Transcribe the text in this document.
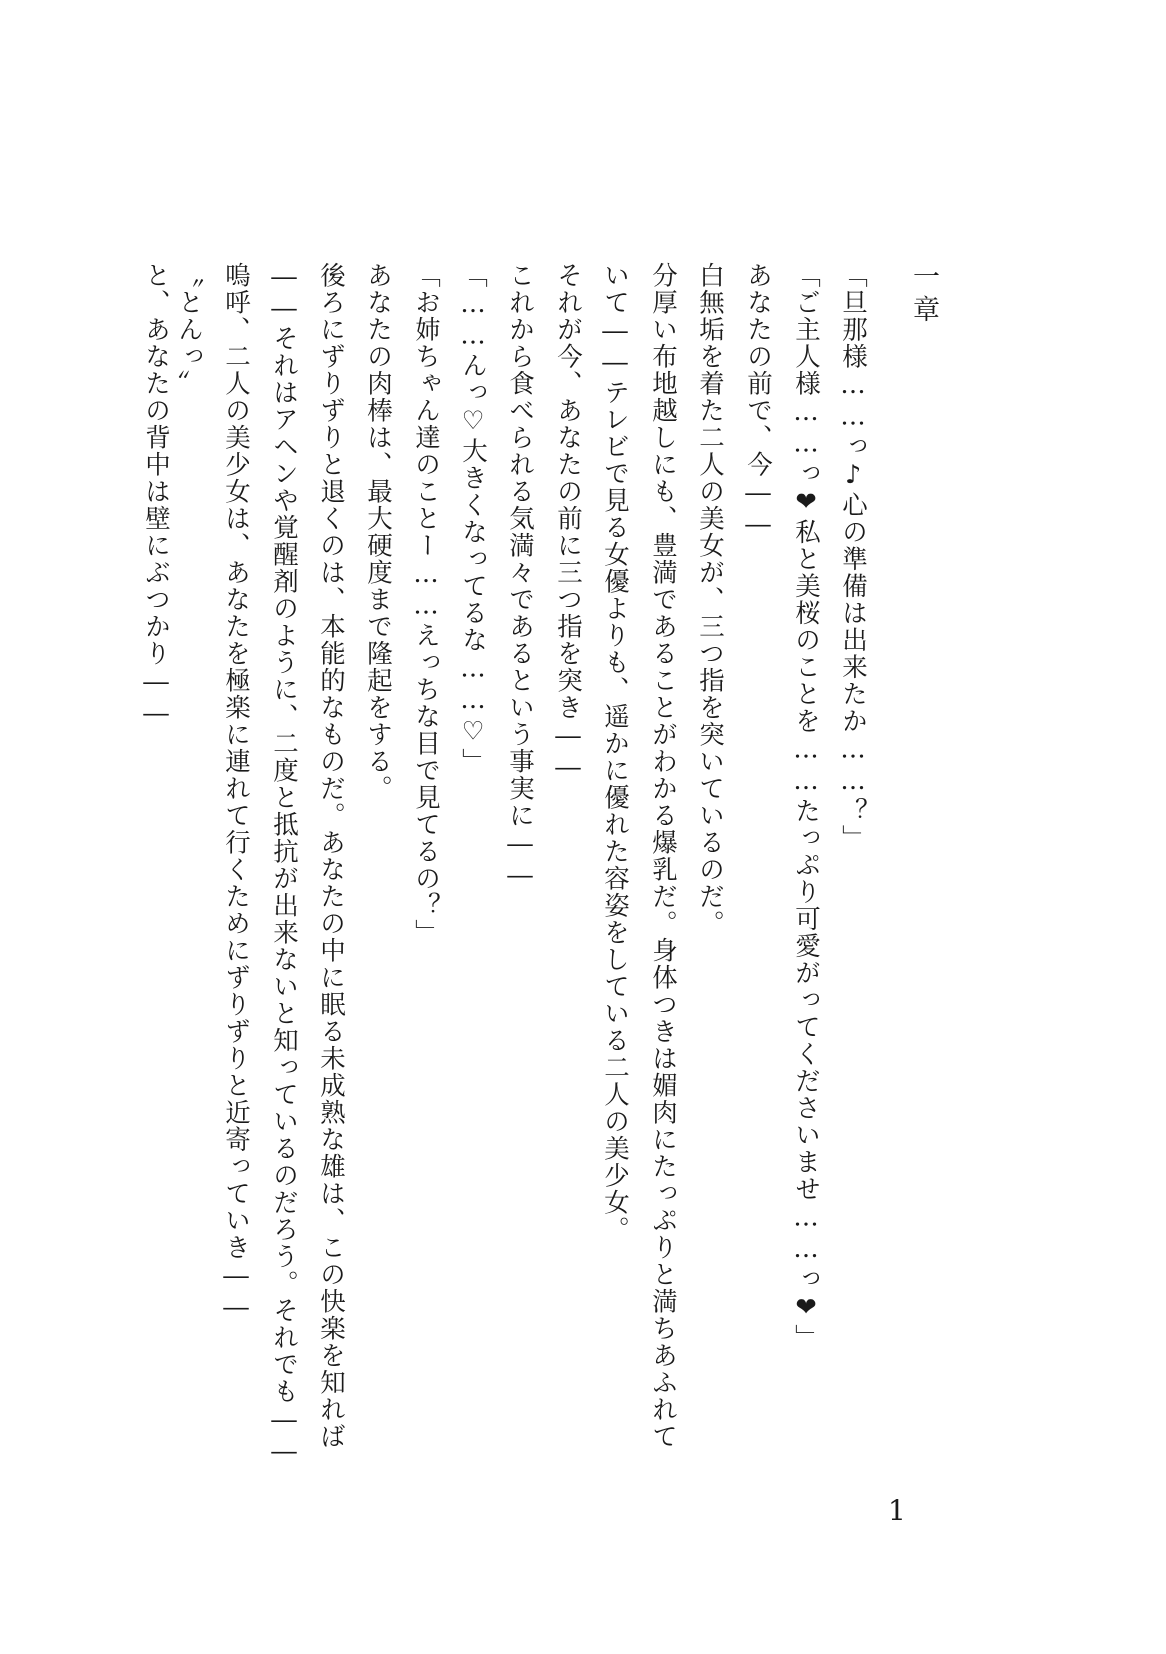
一章
「旦那様……っ♪心の準備は出来たか……？」
「ご主人様……っ❤私と美桜のことを……たっぷり可愛がってくださいませ……っ❤」
あなたの前で、今――
白無垢を着た二人の美女が、三つ指を突いているのだ。
分厚い布地越しにも、豊満であることがわかる爆乳だ。身体つきは媚肉にたっぷりと満ちあふれて
いて――テレビで見る女優よりも、遥かに優れた容姿をしている二人の美少女。
それが今、あなたの前に三つ指を突き――
これから食べられる気満々であるという事実に――
「……んっ♡大きくなってるな……♡」
「お姉ちゃん達のことー……えっちな目で見てるの？」
あなたの肉棒は、最大硬度まで隆起をする。
後ろにずりずりと退くのは、本能的なものだ。あなたの中に眠る未成熟な雄は、この快楽を知れば
――それはアヘンや覚醒剤のように、二度と抵抗が出来ないと知っているのだろう。それでも――
嗚呼、二人の美少女は、あなたを極楽に連れて行くためにずりずりと近寄っていき――
〝とんっ〟
と、あなたの背中は壁にぶつかり――
1
